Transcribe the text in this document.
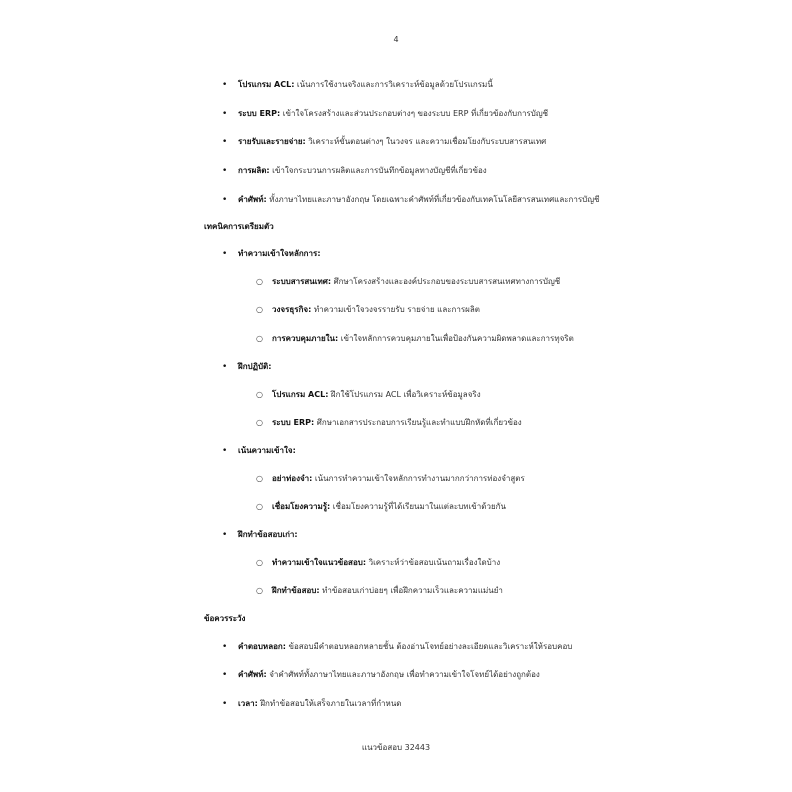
4
• โปรแกรม ACL: เน้นการใช้งานจริงและการวิเคราะห์ข้อมูลด้วยโปรแกรมนี้
• ระบบ ERP: เข้าใจโครงสร้างและส่วนประกอบต่างๆ ของระบบ ERP ที่เกี่ยวข้องกับการบัญชี
• รายรับและรายจ่าย: วิเคราะห์ขั้นตอนต่างๆ ในวงจร และความเชื่อมโยงกับระบบสารสนเทศ
• การผลิต: เข้าใจกระบวนการผลิตและการบันทึกข้อมูลทางบัญชีที่เกี่ยวข้อง
• คำศัพท์: ทั้งภาษาไทยและภาษาอังกฤษ โดยเฉพาะคำศัพท์ที่เกี่ยวข้องกับเทคโนโลยีสารสนเทศและการบัญชี
เทคนิคการเตรียมตัว
• ทำความเข้าใจหลักการ:
○ ระบบสารสนเทศ: ศึกษาโครงสร้างและองค์ประกอบของระบบสารสนเทศทางการบัญชี
○ วงจรธุรกิจ: ทำความเข้าใจวงจรรายรับ รายจ่าย และการผลิต
○ การควบคุมภายใน: เข้าใจหลักการควบคุมภายในเพื่อป้องกันความผิดพลาดและการทุจริต
• ฝึกปฏิบัติ:
○ โปรแกรม ACL: ฝึกใช้โปรแกรม ACL เพื่อวิเคราะห์ข้อมูลจริง
○ ระบบ ERP: ศึกษาเอกสารประกอบการเรียนรู้และทำแบบฝึกหัดที่เกี่ยวข้อง
• เน้นความเข้าใจ:
○ อย่าท่องจำ: เน้นการทำความเข้าใจหลักการทำงานมากกว่าการท่องจำสูตร
○ เชื่อมโยงความรู้: เชื่อมโยงความรู้ที่ได้เรียนมาในแต่ละบทเข้าด้วยกัน
• ฝึกทำข้อสอบเก่า:
○ ทำความเข้าใจแนวข้อสอบ: วิเคราะห์ว่าข้อสอบเน้นถามเรื่องใดบ้าง
○ ฝึกทำข้อสอบ: ทำข้อสอบเก่าบ่อยๆ เพื่อฝึกความเร็วและความแม่นยำ
ข้อควรระวัง
• คำตอบหลอก: ข้อสอบมีคำตอบหลอกหลายชั้น ต้องอ่านโจทย์อย่างละเอียดและวิเคราะห์ให้รอบคอบ
• คำศัพท์: จำคำศัพท์ทั้งภาษาไทยและภาษาอังกฤษ เพื่อทำความเข้าใจโจทย์ได้อย่างถูกต้อง
• เวลา: ฝึกทำข้อสอบให้เสร็จภายในเวลาที่กำหนด
แนวข้อสอบ 32443
